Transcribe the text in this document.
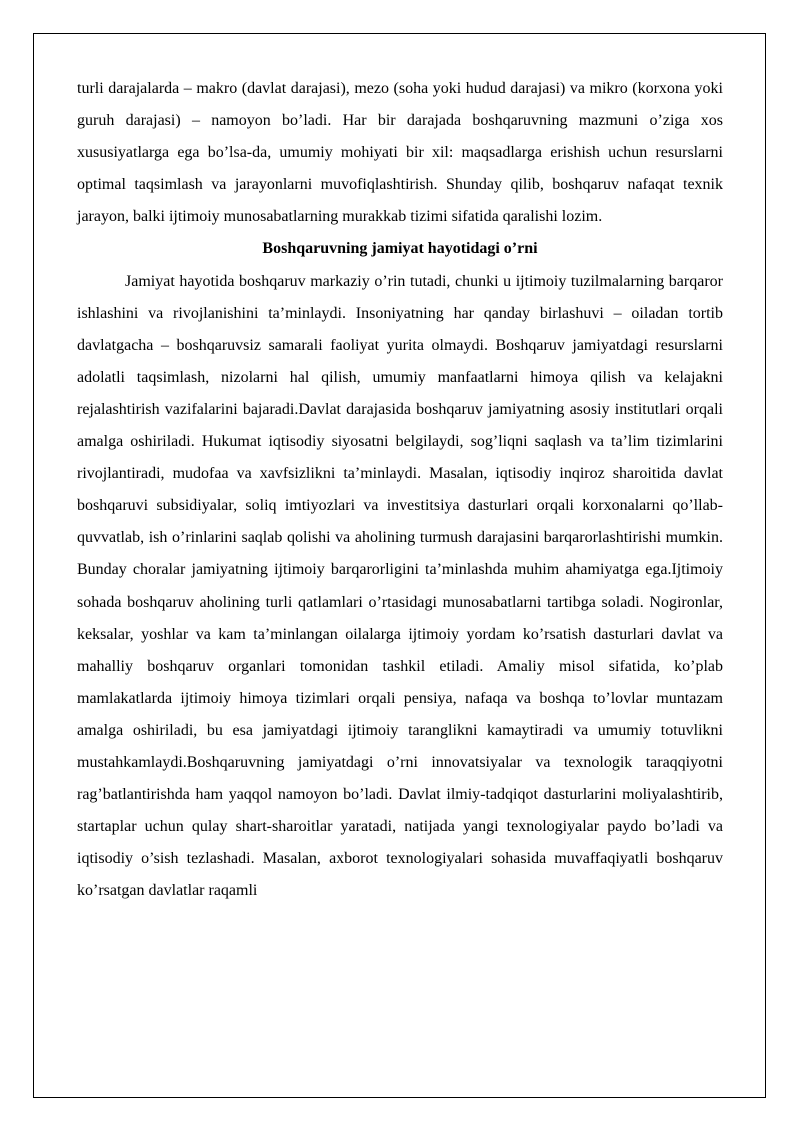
turli darajalarda – makro (davlat darajasi), mezo (soha yoki hudud darajasi) va mikro (korxona yoki guruh darajasi) – namoyon bo’ladi. Har bir darajada boshqaruvning mazmuni o’ziga xos xususiyatlarga ega bo’lsa-da, umumiy mohiyati bir xil: maqsadlarga erishish uchun resurslarni optimal taqsimlash va jarayonlarni muvofiqlashtirish. Shunday qilib, boshqaruv nafaqat texnik jarayon, balki ijtimoiy munosabatlarning murakkab tizimi sifatida qaralishi lozim.

Boshqaruvning jamiyat hayotidagi o’rni

Jamiyat hayotida boshqaruv markaziy o’rin tutadi, chunki u ijtimoiy tuzilmalarning barqaror ishlashini va rivojlanishini ta’minlaydi. Insoniyatning har qanday birlashuvi – oiladan tortib davlatgacha – boshqaruvsiz samarali faoliyat yurita olmaydi. Boshqaruv jamiyatdagi resurslarni adolatli taqsimlash, nizolarni hal qilish, umumiy manfaatlarni himoya qilish va kelajakni rejalashtirish vazifalarini bajaradi.Davlat darajasida boshqaruv jamiyatning asosiy institutlari orqali amalga oshiriladi. Hukumat iqtisodiy siyosatni belgilaydi, sog’liqni saqlash va ta’lim tizimlarini rivojlantiradi, mudofaa va xavfsizlikni ta’minlaydi. Masalan, iqtisodiy inqiroz sharoitida davlat boshqaruvi subsidiyalar, soliq imtiyozlari va investitsiya dasturlari orqali korxonalarni qo’llab-quvvatlab, ish o’rinlarini saqlab qolishi va aholining turmush darajasini barqarorlashtirishi mumkin. Bunday choralar jamiyatning ijtimoiy barqarorligini ta’minlashda muhim ahamiyatga ega.Ijtimoiy sohada boshqaruv aholining turli qatlamlari o’rtasidagi munosabatlarni tartibga soladi. Nogironlar, keksalar, yoshlar va kam ta’minlangan oilalarga ijtimoiy yordam ko’rsatish dasturlari davlat va mahalliy boshqaruv organlari tomonidan tashkil etiladi. Amaliy misol sifatida, ko’plab mamlakatlarda ijtimoiy himoya tizimlari orqali pensiya, nafaqa va boshqa to’lovlar muntazam amalga oshiriladi, bu esa jamiyatdagi ijtimoiy taranglikni kamaytiradi va umumiy totuvlikni mustahkamlaydi.Boshqaruvning jamiyatdagi o’rni innovatsiyalar va texnologik taraqqiyotni rag’batlantirishda ham yaqqol namoyon bo’ladi. Davlat ilmiy-tadqiqot dasturlarini moliyalashtirib, startaplar uchun qulay shart-sharoitlar yaratadi, natijada yangi texnologiyalar paydo bo’ladi va iqtisodiy o’sish tezlashadi. Masalan, axborot texnologiyalari sohasida muvaffaqiyatli boshqaruv ko’rsatgan davlatlar raqamli
